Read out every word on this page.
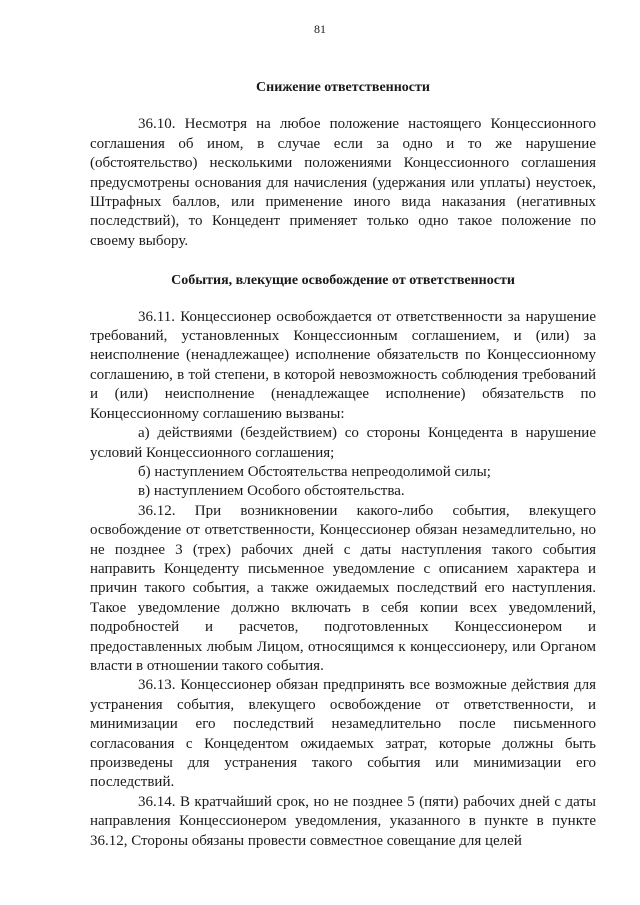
81

Снижение ответственности

36.10. Несмотря на любое положение настоящего Концессионного соглашения об ином, в случае если за одно и то же нарушение (обстоятельство) несколькими положениями Концессионного соглашения предусмотрены основания для начисления (удержания или уплаты) неустоек, Штрафных баллов, или применение иного вида наказания (негативных последствий), то Концедент применяет только одно такое положение по своему выбору.

События, влекущие освобождение от ответственности

36.11. Концессионер освобождается от ответственности за нарушение требований, установленных Концессионным соглашением, и (или) за неисполнение (ненадлежащее) исполнение обязательств по Концессионному соглашению, в той степени, в которой невозможность соблюдения требований и (или) неисполнение (ненадлежащее исполнение) обязательств по Концессионному соглашению вызваны:

а) действиями (бездействием) со стороны Концедента в нарушение условий Концессионного соглашения;

б) наступлением Обстоятельства непреодолимой силы;

в) наступлением Особого обстоятельства.

36.12. При возникновении какого-либо события, влекущего освобождение от ответственности, Концессионер обязан незамедлительно, но не позднее 3 (трех) рабочих дней с даты наступления такого события направить Концеденту письменное уведомление с описанием характера и причин такого события, а также ожидаемых последствий его наступления. Такое уведомление должно включать в себя копии всех уведомлений, подробностей и расчетов, подготовленных Концессионером и предоставленных любым Лицом, относящимся к концессионеру, или Органом власти в отношении такого события.

36.13. Концессионер обязан предпринять все возможные действия для устранения события, влекущего освобождение от ответственности, и минимизации его последствий незамедлительно после письменного согласования с Концедентом ожидаемых затрат, которые должны быть произведены для устранения такого события или минимизации его последствий.

36.14. В кратчайший срок, но не позднее 5 (пяти) рабочих дней с даты направления Концессионером уведомления, указанного в пункте в пункте 36.12, Стороны обязаны провести совместное совещание для целей
